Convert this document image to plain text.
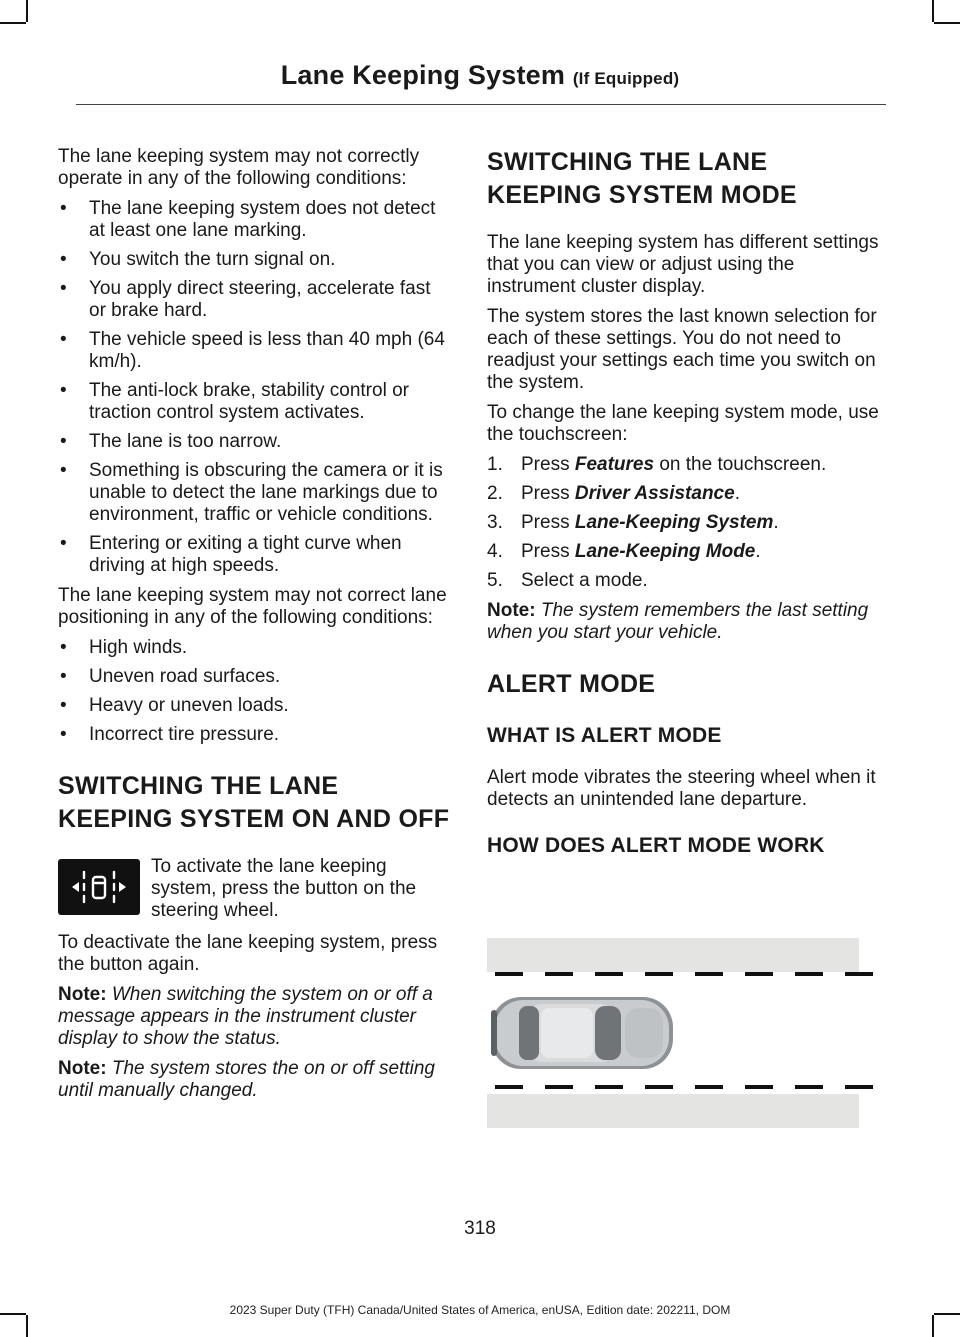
Lane Keeping System (If Equipped)

The lane keeping system may not correctly operate in any of the following conditions:

• The lane keeping system does not detect at least one lane marking.
• You switch the turn signal on.
• You apply direct steering, accelerate fast or brake hard.
• The vehicle speed is less than 40 mph (64 km/h).
• The anti-lock brake, stability control or traction control system activates.
• The lane is too narrow.
• Something is obscuring the camera or it is unable to detect the lane markings due to environment, traffic or vehicle conditions.
• Entering or exiting a tight curve when driving at high speeds.

The lane keeping system may not correct lane positioning in any of the following conditions:

• High winds.
• Uneven road surfaces.
• Heavy or uneven loads.
• Incorrect tire pressure.
SWITCHING THE LANE KEEPING SYSTEM ON AND OFF
To activate the lane keeping system, press the button on the steering wheel.

To deactivate the lane keeping system, press the button again.

Note: When switching the system on or off a message appears in the instrument cluster display to show the status.

Note: The system stores the on or off setting until manually changed.

SWITCHING THE LANE KEEPING SYSTEM MODE

The lane keeping system has different settings that you can view or adjust using the instrument cluster display.

The system stores the last known selection for each of these settings. You do not need to readjust your settings each time you switch on the system.

To change the lane keeping system mode, use the touchscreen:

1. Press Features on the touchscreen.
2. Press Driver Assistance.
3. Press Lane-Keeping System.
4. Press Lane-Keeping Mode.
5. Select a mode.

Note: The system remembers the last setting when you start your vehicle.

ALERT MODE
WHAT IS ALERT MODE

Alert mode vibrates the steering wheel when it detects an unintended lane departure.

HOW DOES ALERT MODE WORK
318
2023 Super Duty (TFH) Canada/United States of America, enUSA, Edition date: 202211, DOM
